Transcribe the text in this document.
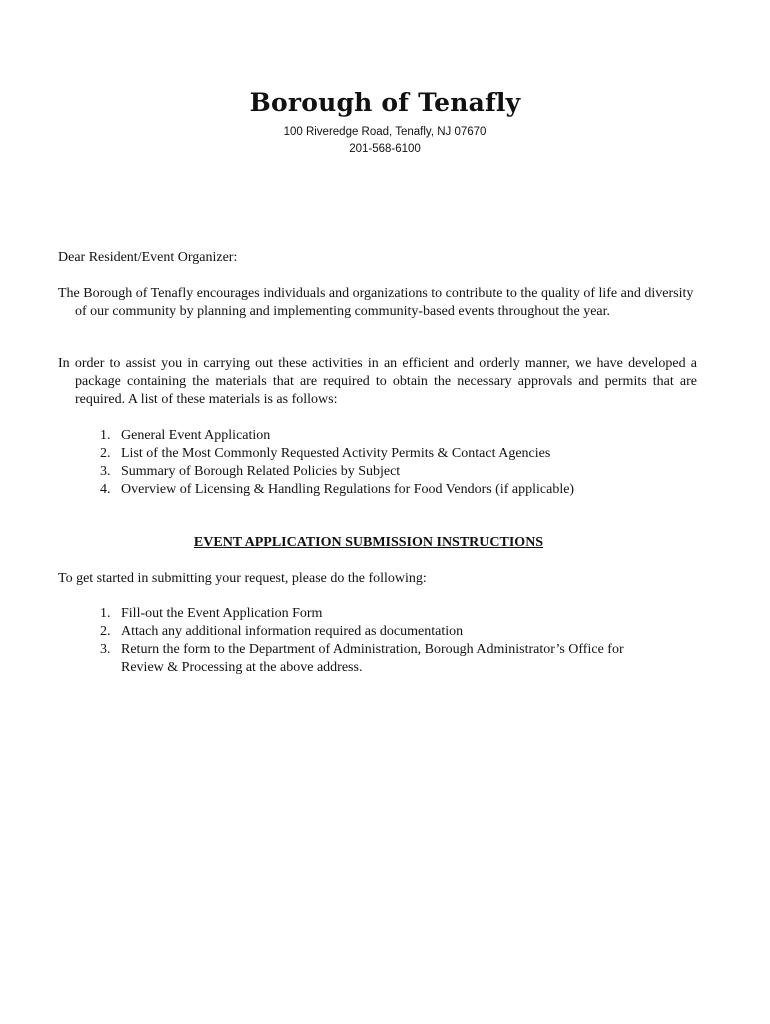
Borough of Tenafly
100 Riveredge Road, Tenafly, NJ 07670
201-568-6100
Dear Resident/Event Organizer:

The Borough of Tenafly encourages individuals and organizations to contribute to the quality of life and diversity of our community by planning and implementing community-based events throughout the year.

In order to assist you in carrying out these activities in an efficient and orderly manner, we have developed a package containing the materials that are required to obtain the necessary approvals and permits that are required. A list of these materials is as follows:

1. General Event Application
2. List of the Most Commonly Requested Activity Permits & Contact Agencies
3. Summary of Borough Related Policies by Subject
4. Overview of Licensing & Handling Regulations for Food Vendors (if applicable)
EVENT APPLICATION SUBMISSION INSTRUCTIONS
To get started in submitting your request, please do the following:
1. Fill-out the Event Application Form
2. Attach any additional information required as documentation
3. Return the form to the Department of Administration, Borough Administrator’s Office for Review & Processing at the above address.
